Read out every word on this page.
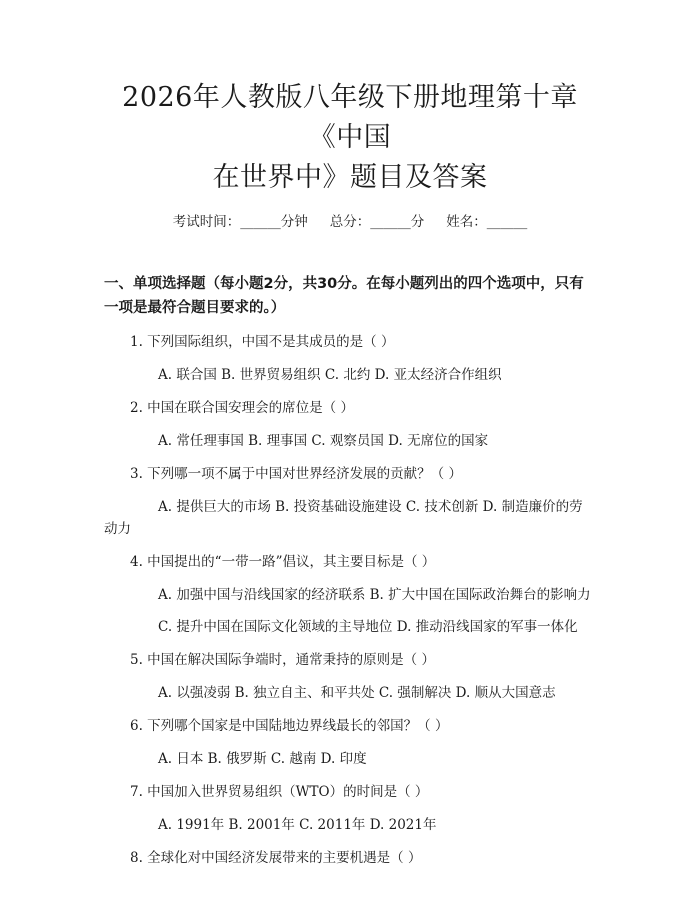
2026年人教版八年级下册地理第十章《中国
在世界中》题目及答案
考试时间：______分钟 总分：______分 姓名：______
一、单项选择题（每小题2分，共30分。在每小题列出的四个选项中，只有一项是最符合题目要求的。）
1. 下列国际组织，中国不是其成员的是（ ）
A. 联合国 B. 世界贸易组织 C. 北约 D. 亚太经济合作组织
2. 中国在联合国安理会的席位是（ ）
A. 常任理事国 B. 理事国 C. 观察员国 D. 无席位的国家
3. 下列哪一项不属于中国对世界经济发展的贡献？（ ）
A. 提供巨大的市场 B. 投资基础设施建设 C. 技术创新 D. 制造廉价的劳动力
4. 中国提出的“一带一路”倡议，其主要目标是（ ）
A. 加强中国与沿线国家的经济联系 B. 扩大中国在国际政治舞台的影响力
C. 提升中国在国际文化领域的主导地位 D. 推动沿线国家的军事一体化
5. 中国在解决国际争端时，通常秉持的原则是（ ）
A. 以强凌弱 B. 独立自主、和平共处 C. 强制解决 D. 顺从大国意志
6. 下列哪个国家是中国陆地边界线最长的邻国？（ ）
A. 日本 B. 俄罗斯 C. 越南 D. 印度
7. 中国加入世界贸易组织（WTO）的时间是（ ）
A. 1991年 B. 2001年 C. 2011年 D. 2021年
8. 全球化对中国经济发展带来的主要机遇是（ ）
